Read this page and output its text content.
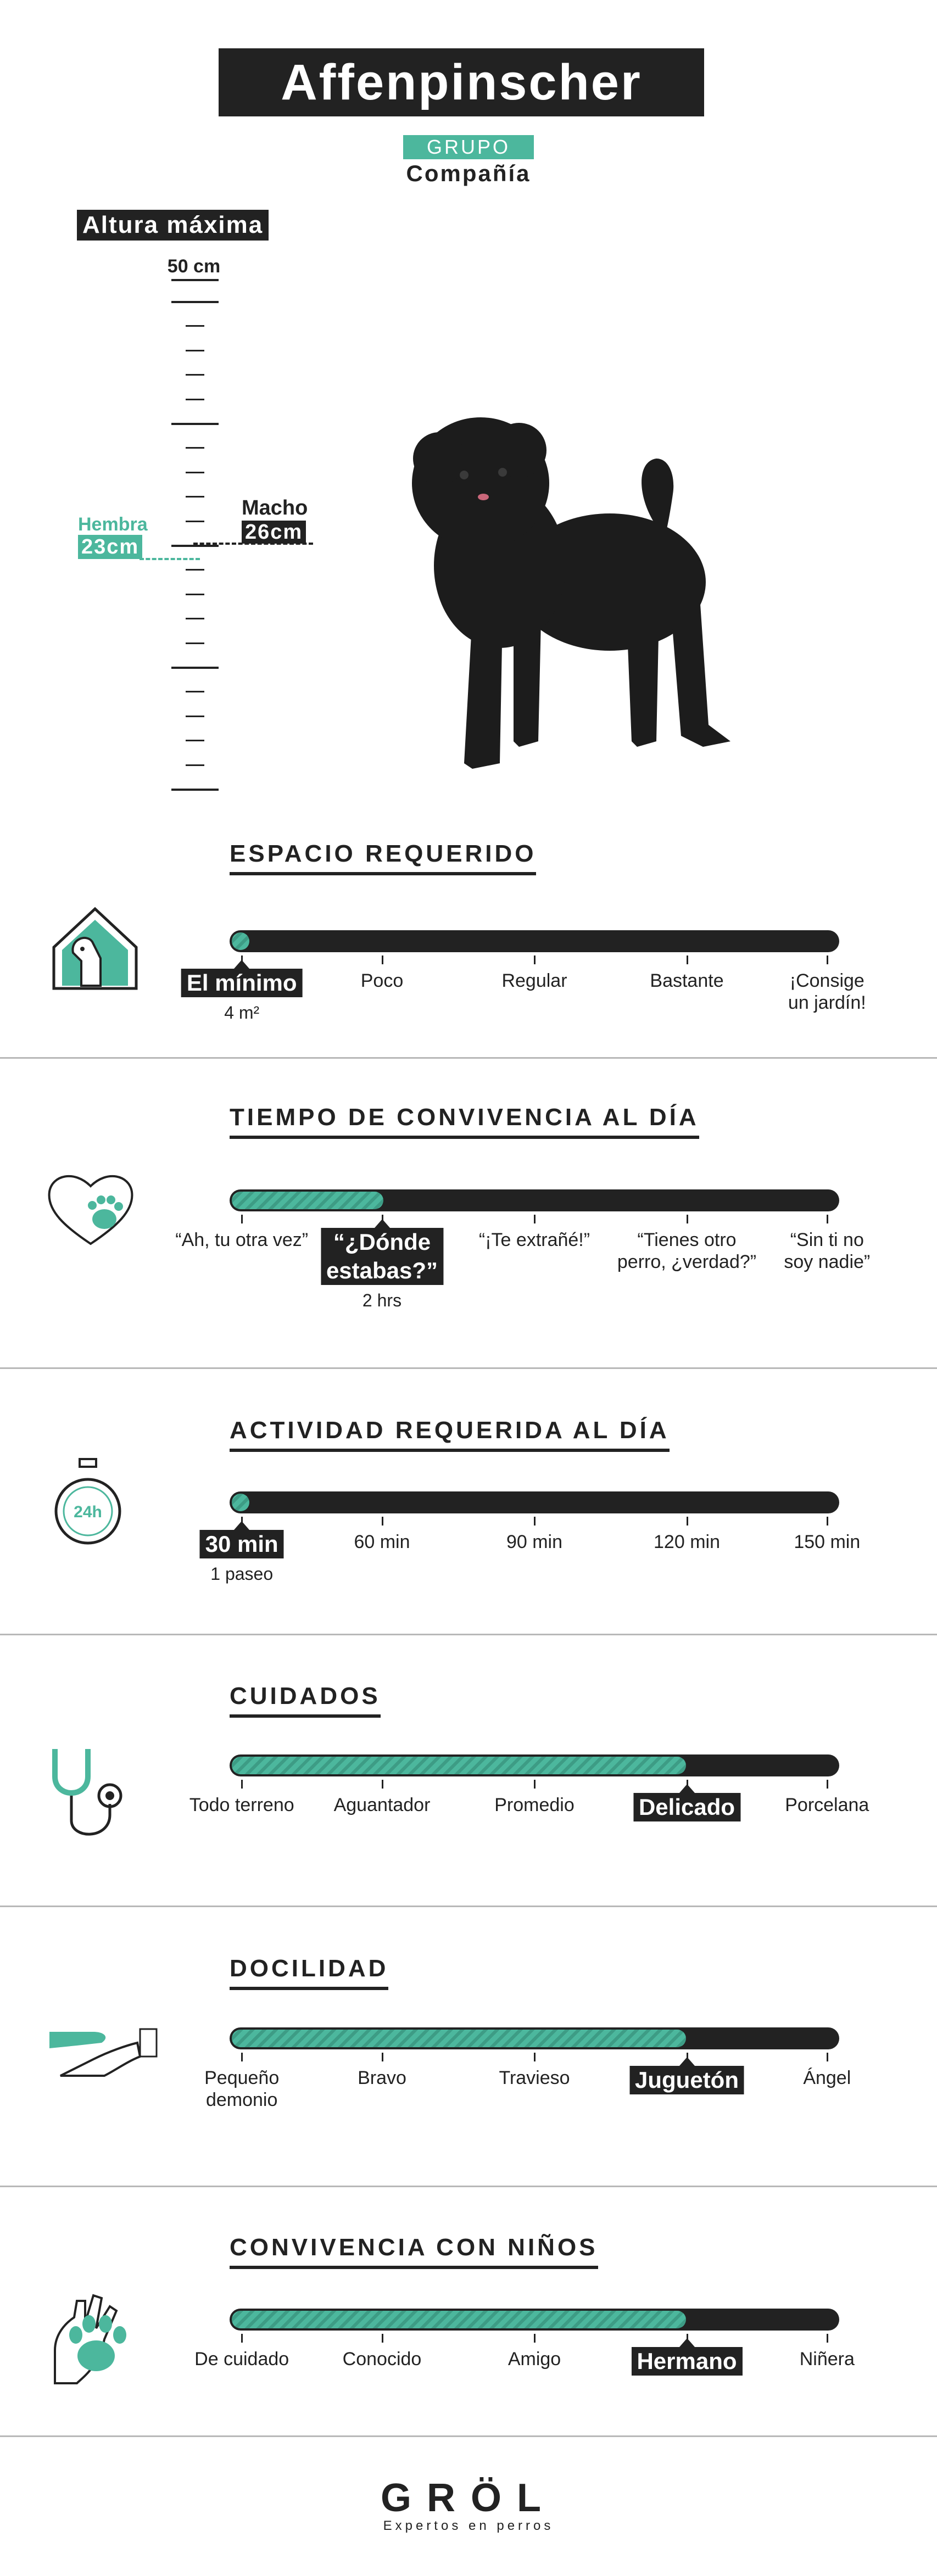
Affenpinscher
GRUPO
Compañía
Altura máxima
50 cm
Hembra
23cm
Macho
26cm
ESPACIO REQUERIDO
El mínimo
4 m²
Poco	Regular	Bastante	¡Consige
un jardín!
TIEMPO DE CONVIVENCIA AL DÍA
“Ah, tu otra vez”	“¿Dónde
estabas?”
2 hrs
“¡Te extrañé!”	“Tienes otro
perro, ¿verdad?”
“Sin ti no
soy nadie”
ACTIVIDAD REQUERIDA AL DÍA
24h
30 min
1 paseo
60 min	90 min	120 min	150 min
CUIDADOS
Todo terreno Aguantador	Promedio	Delicado	Porcelana
DOCILIDAD
Pequeño
demonio
Bravo	Travieso	Juguetón	Ángel
CONVIVENCIA CON NIÑOS
De cuidado	Conocido	Amigo	Hermano	Niñera
GRÖL
Expertos en perros
